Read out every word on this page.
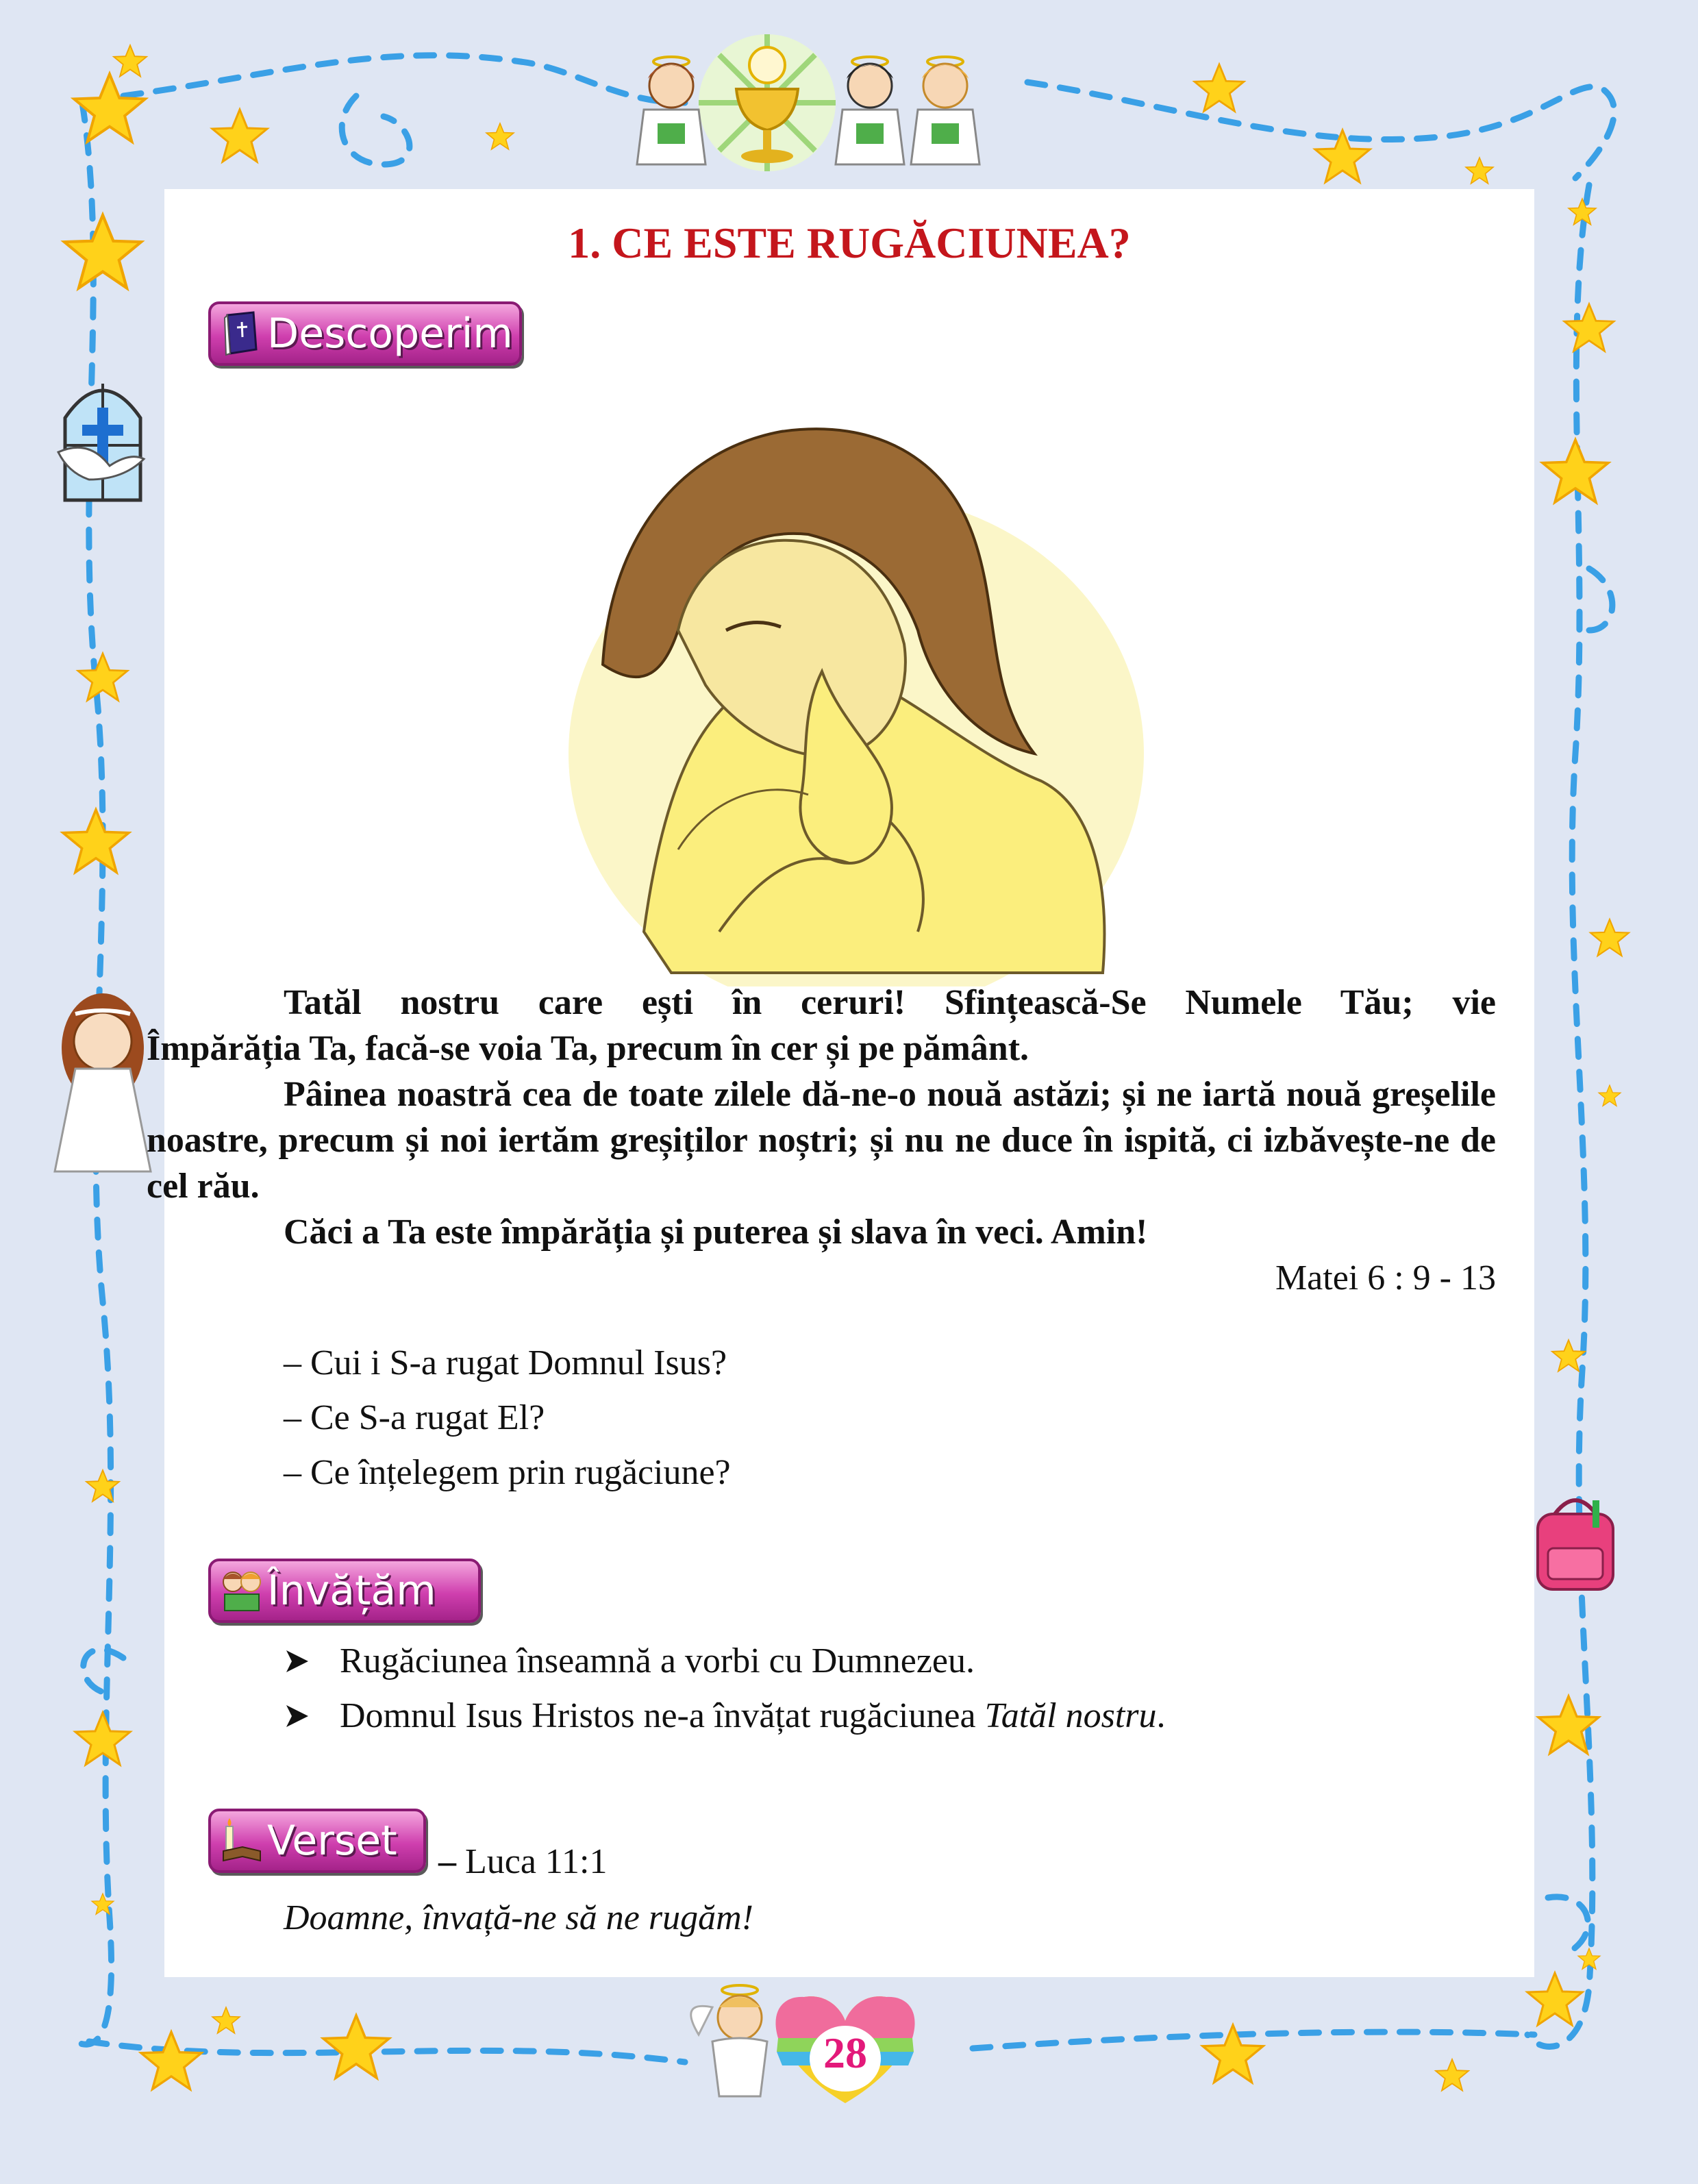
1. CE ESTE RUGĂCIUNEA?
Descoperim

Tatăl nostru care ești în ceruri! Sfințească-Se Numele Tău; vie

Împărăția Ta, facă-se voia Ta, precum în cer și pe pământ.

Pâinea noastră cea de toate zilele dă-ne-o nouă astăzi; și ne iartă nouă greșelile noastre, precum și noi iertăm greșiților noștri; și nu ne duce în ispită, ci izbăvește-ne de cel rău.

Căci a Ta este împărăția și puterea și slava în veci. Amin!

Matei 6 : 9 - 13

– Cui i S-a rugat Domnul Isus?

– Ce S-a rugat El?

– Ce înțelegem prin rugăciune?

Învățăm
Rugăciunea înseamnă a vorbi cu Dumnezeu.
Domnul Isus Hristos ne-a învățat rugăciunea Tatăl nostru.
Verset – Luca 11:1
Doamne, învață-ne să ne rugăm!
28
